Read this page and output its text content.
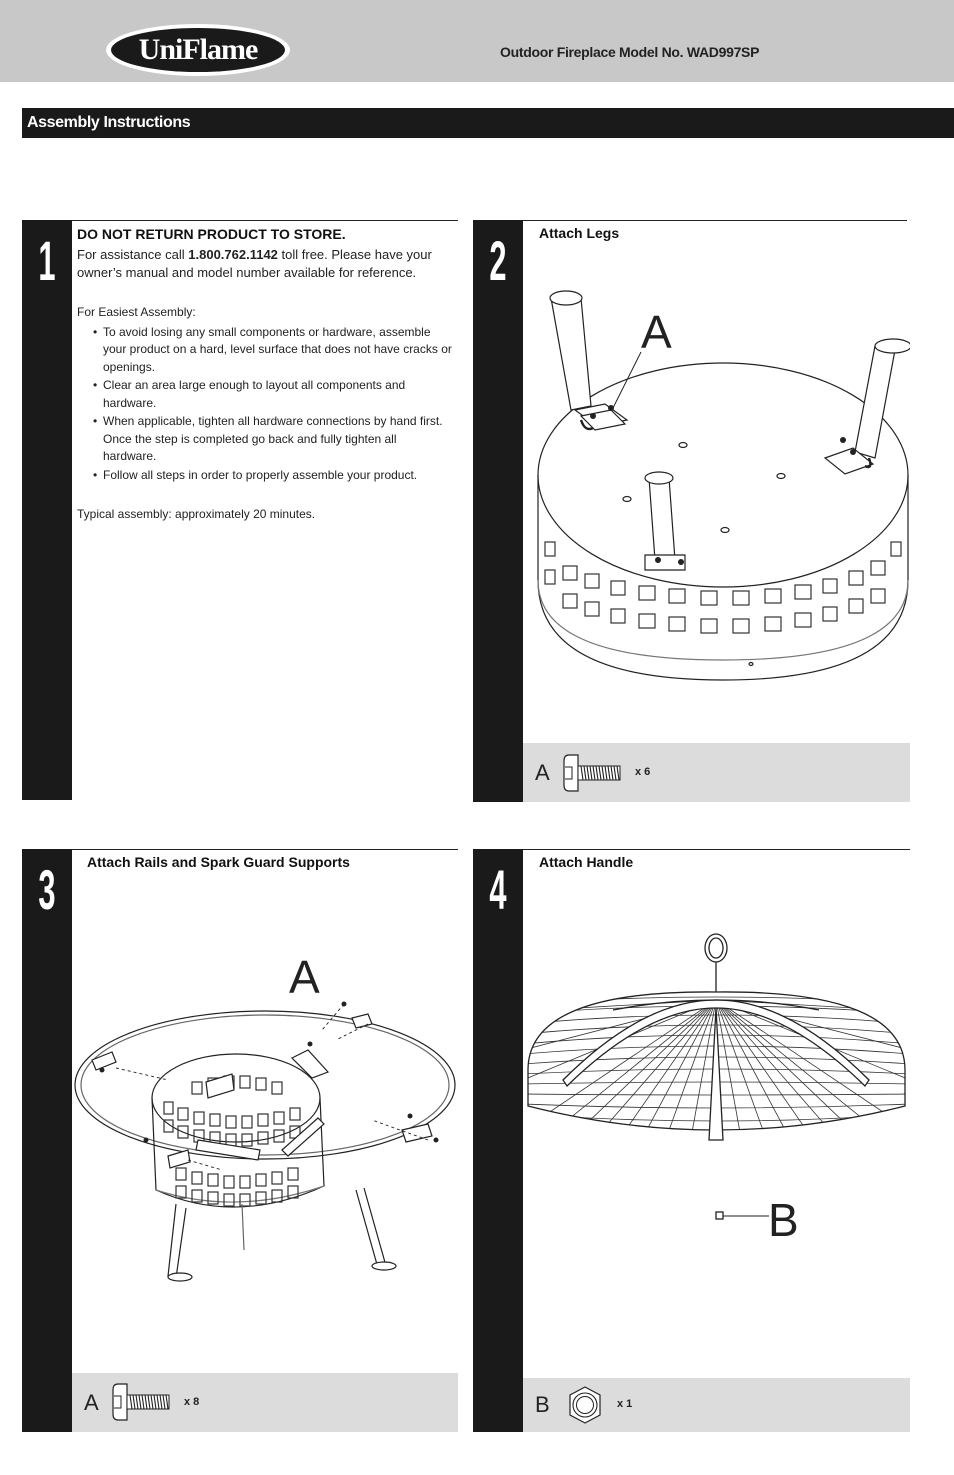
UniFlame	Outdoor Fireplace Model No. WAD997SP
Assembly Instructions
1	DO NOT RETURN PRODUCT TO STORE.
For assistance call 1.800.762.1142 toll free. Please have your owner’s manual and model number available for reference.
For Easiest Assembly:
• To avoid losing any small components or hardware, assemble your product on a hard, level surface that does not have cracks or openings.
• Clear an area large enough to layout all components and hardware.
• When applicable, tighten all hardware connections by hand first. Once the step is completed go back and fully tighten all hardware.
• Follow all steps in order to properly assemble your product.
Typical assembly: approximately 20 minutes.
2	Attach Legs
A
A	x 6
3	Attach Rails and Spark Guard Supports
A
A	x 8
4	Attach Handle
B
B	x 1
